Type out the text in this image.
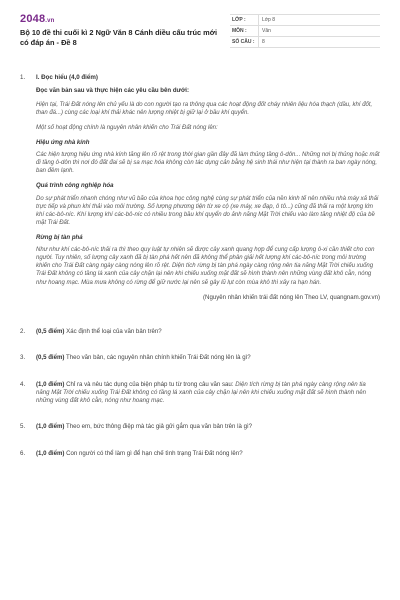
2048.vn
Bộ 10 đề thi cuối kì 2 Ngữ Văn 8 Cánh diều cấu trúc mới có đáp án - Đề 8
LỚP :	Lớp 8
MÔN :	Văn
SỐ CÂU :	8
1.	I. Đọc hiểu (4,0 điểm)
Đọc văn bản sau và thực hiện các yêu cầu bên dưới:
Hiện tại, Trái Đất nóng lên chủ yếu là do con người tạo ra thông qua các hoạt động đốt cháy nhiên liệu hóa thạch (dầu, khí đốt, than đá...) cùng các loại khí thải khác nên lượng nhiệt bị giữ lại ở bầu khí quyển.
Một số hoạt động chính là nguyên nhân khiến cho Trái Đất nóng lên:
Hiệu ứng nhà kính
Các hiện tượng hiệu ứng nhà kính tăng lên rõ rệt trong thời gian gần đây đã làm thủng tầng ô-dôn... Những nơi bị thủng hoặc mất đi tầng ô-dôn thì nơi đó đất đai sẽ bị sa mạc hóa không còn tác dụng cản bằng hệ sinh thái như hiện tại thành ra ban ngày nóng, ban đêm lạnh.
Quá trình công nghiệp hóa
Do sự phát triển nhanh chóng như vũ bão của khoa học công nghệ cùng sự phát triển của nền kinh tế nên nhiều nhà máy xả thải trực tiếp và phun khí thải vào môi trường. Số lượng phương tiện từ xe cộ (xe máy, xe đạp, ô tô...) cũng đã thải ra một lượng lớn khí các-bô-níc. Khí lượng khí các-bô-níc có nhiều trong bầu khí quyển do ảnh năng Mặt Trời chiếu vào làm tăng nhiệt độ của bề mặt Trái Đất.
Rừng bị tàn phá
Như như khí các-bô-níc thải ra thì theo quy luật tự nhiên sẽ được cây xanh quang hợp để cung cấp lượng ô-xi cần thiết cho con người. Tuy nhiên, số lượng cây xanh đã bị tàn phá hết nên đã không thể phân giải hết lượng khí các-bô-níc trong môi trường khiến cho Trái Đất càng ngày càng nóng lên rõ rệt. Diện tích rừng bị tàn phá ngày càng rộng nên tia năng Mặt Trời chiếu xuống Trái Đất không có tầng lá xanh của cây chặn lại nên khi chiếu xuống mặt đất sẽ hình thành nên những vùng đất khô cằn, nóng như hoang mạc. Mùa mưa không có rừng để giữ nước lại nên sẽ gây lũ lụt còn mùa khô thì xảy ra hạn hán.
(Nguyên nhân khiến trái đất nóng lên Theo LV, quangnam.gov.vn)
2.	(0,5 điểm) Xác định thể loại của văn bản trên?
3.	(0,5 điểm) Theo văn bản, các nguyên nhân chính khiến Trái Đất nóng lên là gì?
4.	(1,0 điểm) Chỉ ra và nêu tác dụng của biện pháp tu từ trong câu văn sau: Diện tích rừng bị tàn phá ngày càng rộng nên tia năng Mặt Trời chiếu xuống Trái Đất không có tầng lá xanh của cây chặn lại nên khi chiếu xuống mặt đất sẽ hình thành nên những vùng đất khô cằn, nóng như hoang mạc.
5.	(1,0 điểm) Theo em, bức thông điệp mà tác giả gửi gắm qua văn bản trên là gì?
6.	(1,0 điểm) Con người có thể làm gì để hạn chế tình trạng Trái Đất nóng lên?
